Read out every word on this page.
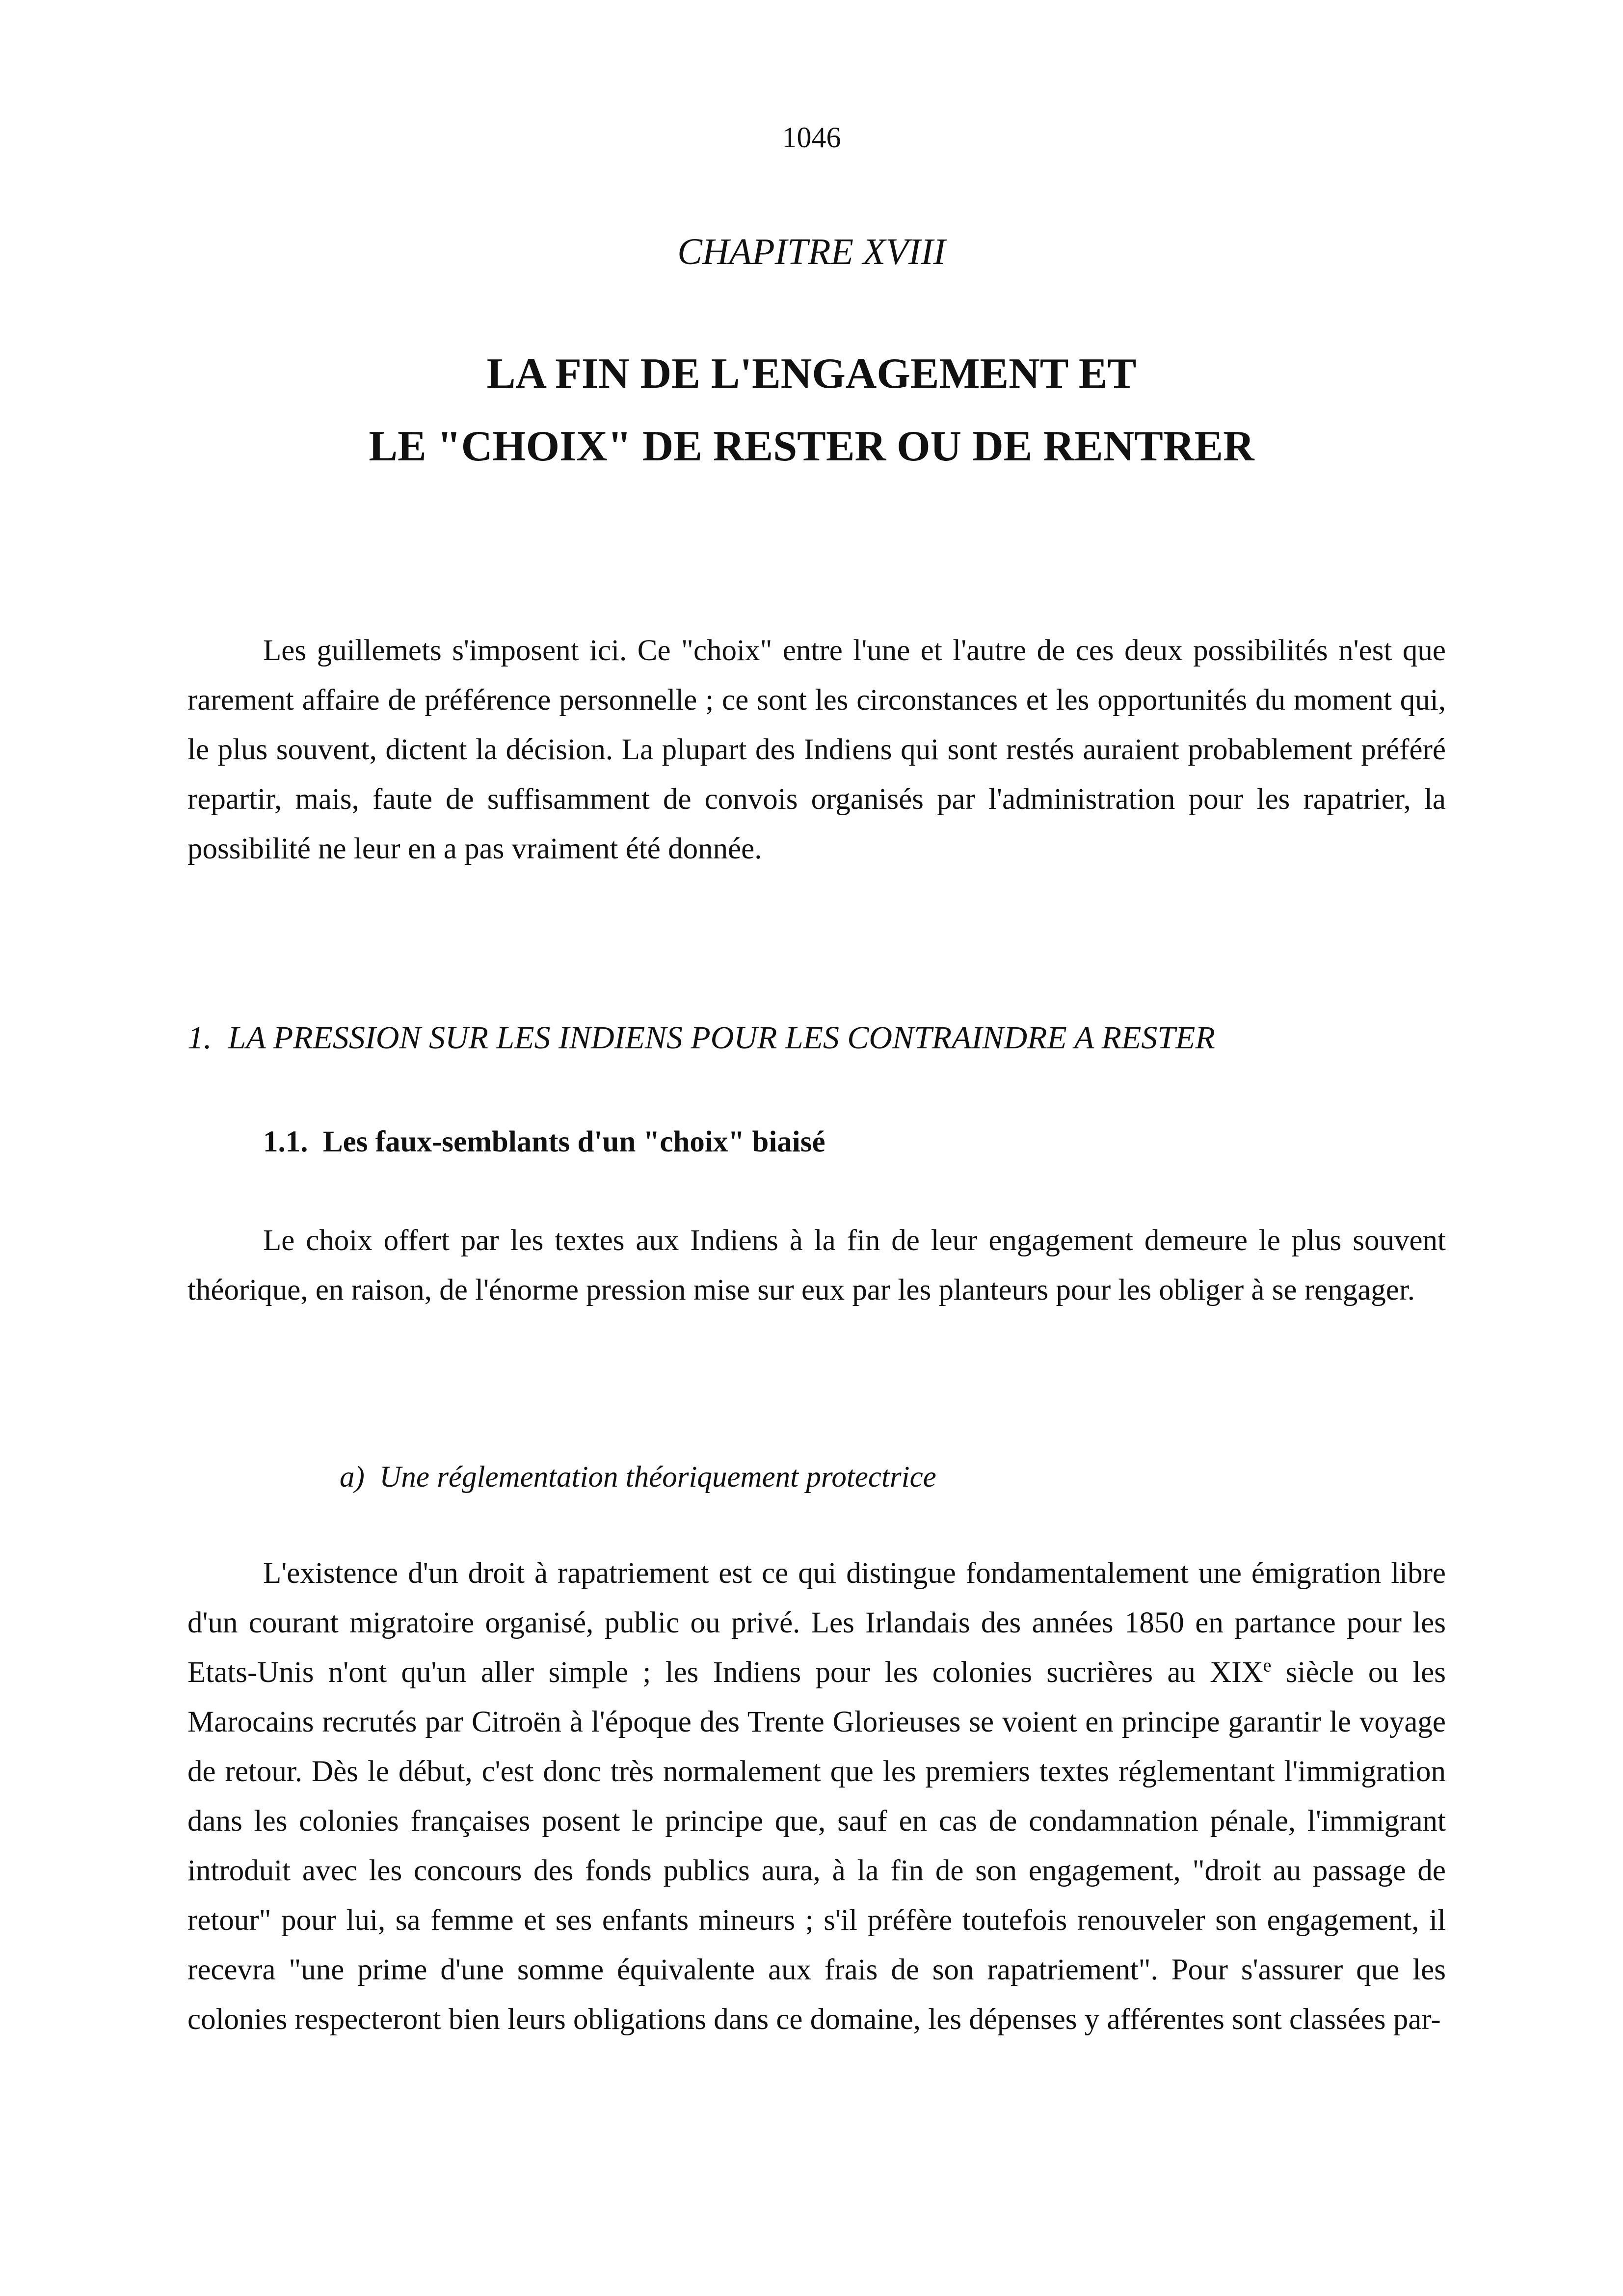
1046
CHAPITRE XVIII
LA FIN DE L'ENGAGEMENT ET
LE "CHOIX" DE RESTER OU DE RENTRER

Les guillemets s'imposent ici. Ce "choix" entre l'une et l'autre de ces deux possibilités n'est que rarement affaire de préférence personnelle ; ce sont les circonstances et les opportunités du moment qui, le plus souvent, dictent la décision. La plupart des Indiens qui sont restés auraient probablement préféré repartir, mais, faute de suffisamment de convois organisés par l'administration pour les rapatrier, la possibilité ne leur en a pas vraiment été donnée.

1. LA PRESSION SUR LES INDIENS POUR LES CONTRAINDRE A RESTER
1.1. Les faux-semblants d'un "choix" biaisé

Le choix offert par les textes aux Indiens à la fin de leur engagement demeure le plus souvent théorique, en raison, de l'énorme pression mise sur eux par les planteurs pour les obliger à se rengager.

a) Une réglementation théoriquement protectrice

L'existence d'un droit à rapatriement est ce qui distingue fondamentalement une émigration libre d'un courant migratoire organisé, public ou privé. Les Irlandais des années 1850 en partance pour les Etats-Unis n'ont qu'un aller simple ; les Indiens pour les colonies sucrières au XIXe siècle ou les Marocains recrutés par Citroën à l'époque des Trente Glorieuses se voient en principe garantir le voyage de retour. Dès le début, c'est donc très normalement que les premiers textes réglementant l'immigration dans les colonies françaises posent le principe que, sauf en cas de condamnation pénale, l'immigrant introduit avec les concours des fonds publics aura, à la fin de son engagement, "droit au passage de retour" pour lui, sa femme et ses enfants mineurs ; s'il préfère toutefois renouveler son engagement, il recevra "une prime d'une somme équivalente aux frais de son rapatriement". Pour s'assurer que les colonies respecteront bien leurs obligations dans ce domaine, les dépenses y afférentes sont classées par-
